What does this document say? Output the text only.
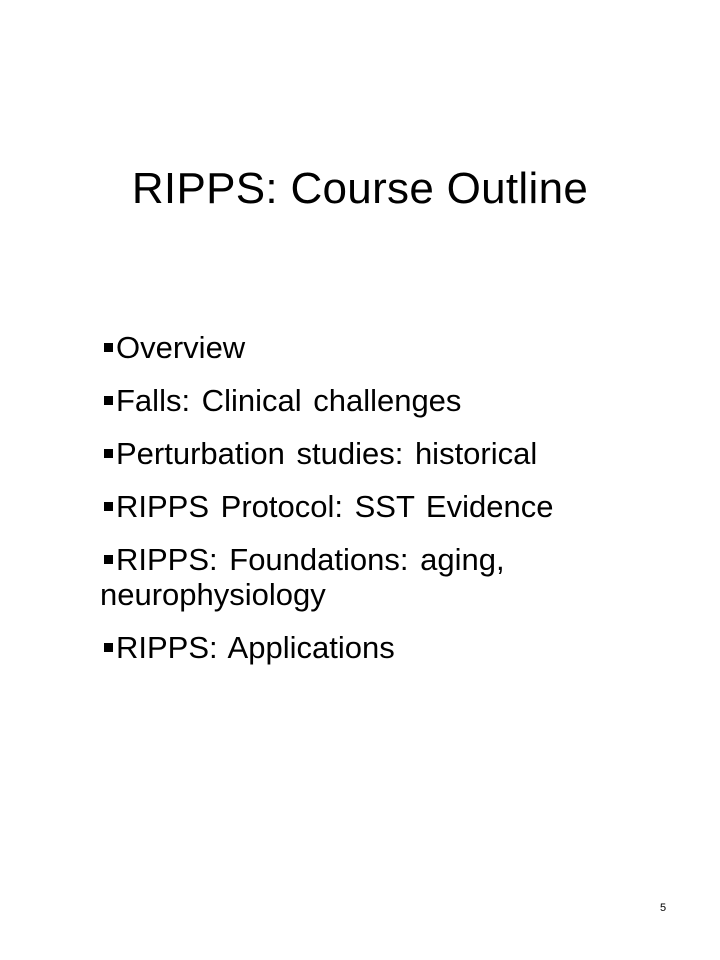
RIPPS: Course Outline
Overview
Falls: Clinical challenges
Perturbation studies: historical
RIPPS Protocol: SST Evidence
RIPPS: Foundations: aging, neurophysiology
RIPPS: Applications
5
